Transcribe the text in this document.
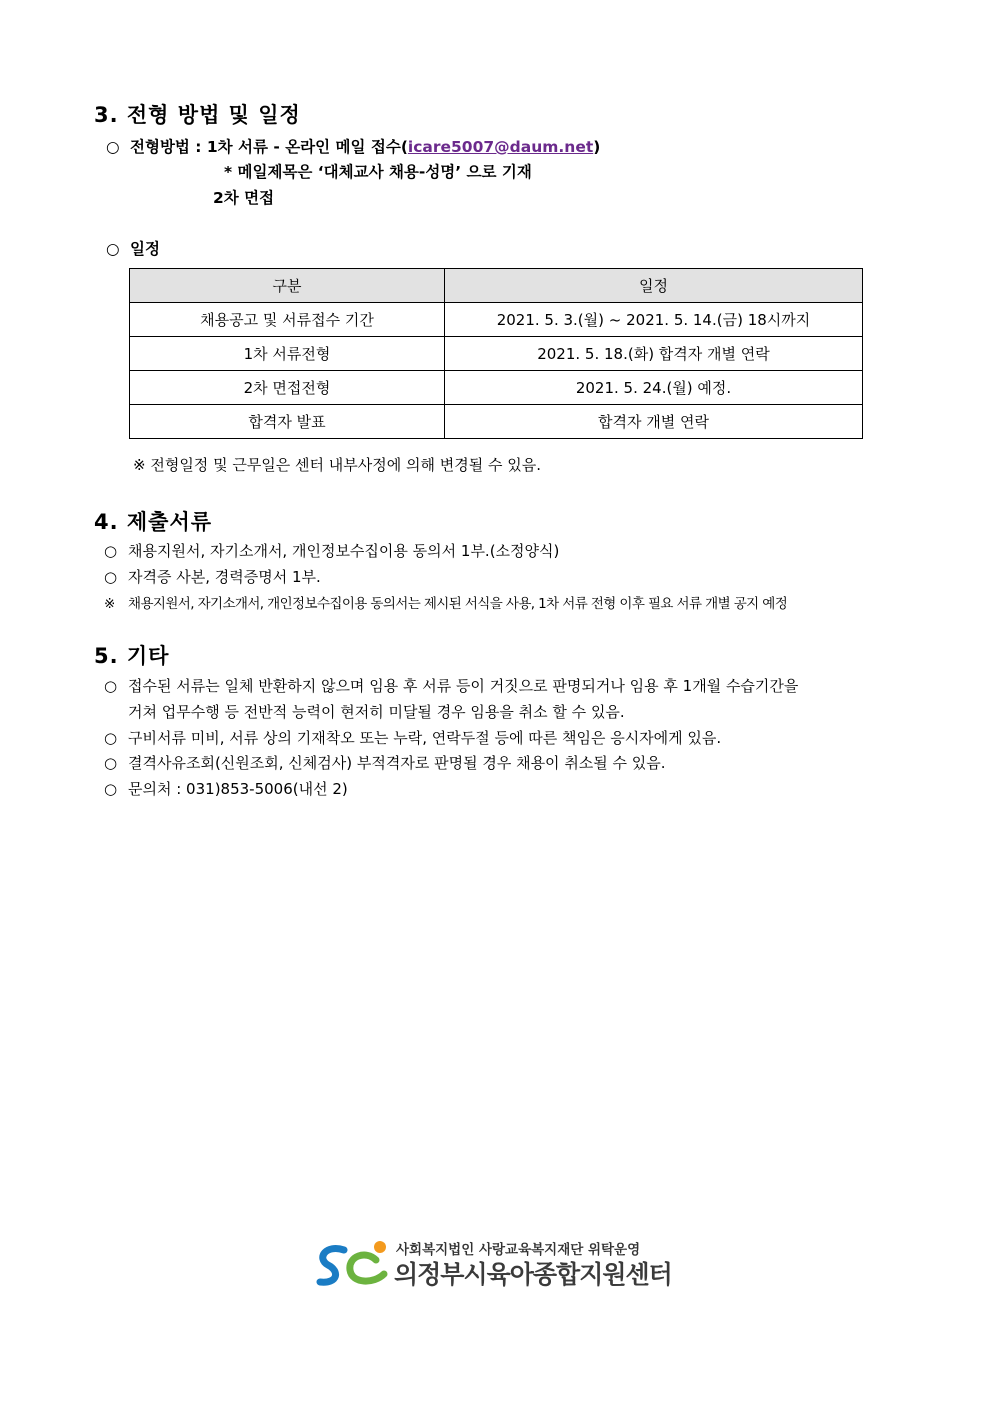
3. 전형 방법 및 일정
○ 전형방법 : 1차 서류 - 온라인 메일 접수(icare5007@daum.net)
* 메일제목은 ‘대체교사 채용-성명’ 으로 기재
2차 면접
○ 일정
구분	일정
채용공고 및 서류접수 기간	2021. 5. 3.(월) ~ 2021. 5. 14.(금) 18시까지
1차 서류전형	2021. 5. 18.(화) 합격자 개별 연락
2차 면접전형	2021. 5. 24.(월) 예정.
합격자 발표	합격자 개별 연락
※ 전형일정 및 근무일은 센터 내부사정에 의해 변경될 수 있음.
4. 제출서류
○ 채용지원서, 자기소개서, 개인정보수집이용 동의서 1부.(소정양식)
○ 자격증 사본, 경력증명서 1부.
※ 채용지원서, 자기소개서, 개인정보수집이용 동의서는 제시된 서식을 사용, 1차 서류 전형 이후 필요 서류 개별 공지 예정
5. 기타
○ 접수된 서류는 일체 반환하지 않으며 임용 후 서류 등이 거짓으로 판명되거나 임용 후 1개월 수습기간을
거쳐 업무수행 등 전반적 능력이 현저히 미달될 경우 임용을 취소 할 수 있음.
○ 구비서류 미비, 서류 상의 기재착오 또는 누락, 연락두절 등에 따른 책임은 응시자에게 있음.
○ 결격사유조회(신원조회, 신체검사) 부적격자로 판명될 경우 채용이 취소될 수 있음.
○ 문의처 : 031)853-5006(내선 2)
사회복지법인 사랑교육복지재단 위탁운영
의정부시육아종합지원센터
